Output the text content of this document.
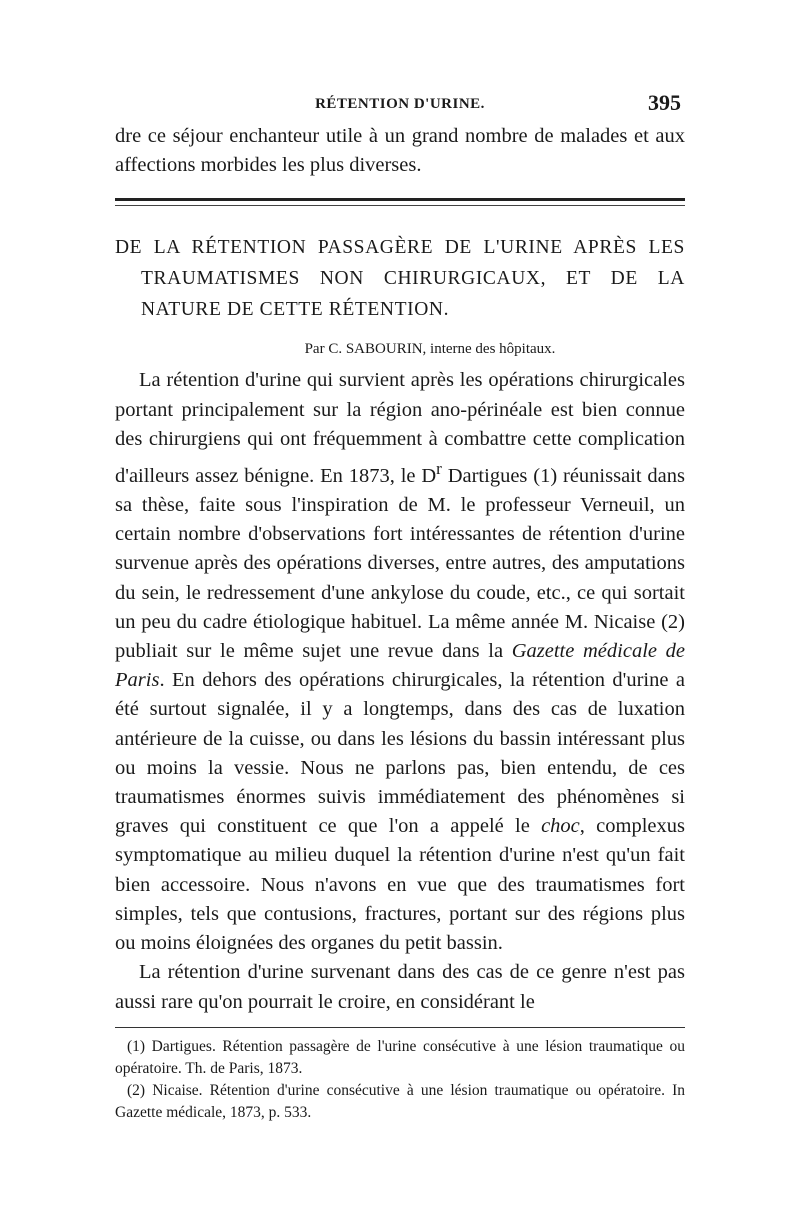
RÉTENTION D'URINE.	395

dre ce séjour enchanteur utile à un grand nombre de malades et aux affections morbides les plus diverses.

DE LA RÉTENTION PASSAGÈRE DE L'URINE APRÈS LES TRAUMATISMES NON CHIRURGICAUX, ET DE LA NATURE DE CETTE RÉTENTION.
Par C. SABOURIN, interne des hôpitaux.

La rétention d'urine qui survient après les opérations chirurgicales portant principalement sur la région ano-périnéale est bien connue des chirurgiens qui ont fréquemment à combattre cette complication d'ailleurs assez bénigne. En 1873, le $D^r$ Dartigues (1) réunissait dans sa thèse, faite sous l'inspiration de M. le professeur Verneuil, un certain nombre d'observations fort intéressantes de rétention d'urine survenue après des opérations diverses, entre autres, des amputations du sein, le redressement d'une ankylose du coude, etc., ce qui sortait un peu du cadre étiologique habituel. La même année M. Nicaise (2) publiait sur le même sujet une revue dans la Gazette médicale de Paris. En dehors des opérations chirurgicales, la rétention d'urine a été surtout signalée, il y a longtemps, dans des cas de luxation antérieure de la cuisse, ou dans les lésions du bassin intéressant plus ou moins la vessie. Nous ne parlons pas, bien entendu, de ces traumatismes énormes suivis immédiatement des phénomènes si graves qui constituent ce que l'on a appelé le choc, complexus symptomatique au milieu duquel la rétention d'urine n'est qu'un fait bien accessoire. Nous n'avons en vue que des traumatismes fort simples, tels que contusions, fractures, portant sur des régions plus ou moins éloignées des organes du petit bassin.

La rétention d'urine survenant dans des cas de ce genre n'est pas aussi rare qu'on pourrait le croire, en considérant le

(1) Dartigues. Rétention passagère de l'urine consécutive à une lésion traumatique ou opératoire. Th. de Paris, 1873.

(2) Nicaise. Rétention d'urine consécutive à une lésion traumatique ou opératoire. In Gazette médicale, 1873, p. 533.
